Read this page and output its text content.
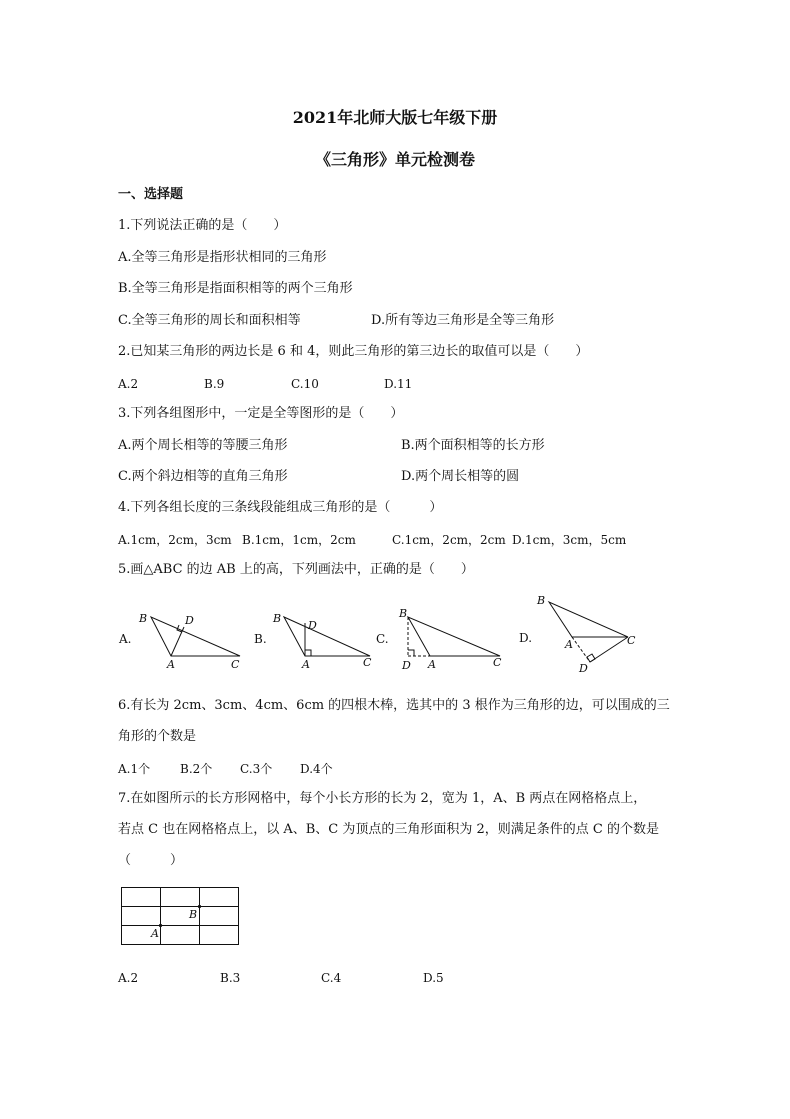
2021年北师大版七年级下册
《三角形》单元检测卷
一、选择题
1.下列说法正确的是（　　）
A.全等三角形是指形状相同的三角形
B.全等三角形是指面积相等的两个三角形
C.全等三角形的周长和面积相等	D.所有等边三角形是全等三角形
2.已知某三角形的两边长是 6 和 4，则此三角形的第三边长的取值可以是（　　）
A.2	B.9	C.10	D.11
3.下列各组图形中，一定是全等图形的是（　　）
A.两个周长相等的等腰三角形	B.两个面积相等的长方形
C.两个斜边相等的直角三角形	D.两个周长相等的圆
4.下列各组长度的三条线段能组成三角形的是（　　　）
A.1cm，2cm，3cm B.1cm，1cm，2cm	C.1cm，2cm，2cm D.1cm，3cm，5cm
5.画△ABC 的边 AB 上的高，下列画法中，正确的是（　　）
A.
B	D
A	C
B.
B
D
A	C
C.
B
D A	C
D.
B
A
D
C
6.有长为 2cm、3cm、4cm、6cm 的四根木棒，选其中的 3 根作为三角形的边，可以围成的三
角形的个数是
A.1个 B.2个 C.3个 D.4个
7.在如图所示的长方形网格中，每个小长方形的长为 2，宽为 1，A、B 两点在网格格点上，
若点 C 也在网格格点上，以 A、B、C 为顶点的三角形面积为 2，则满足条件的点 C 的个数是
（　　　）
A
B
A.2	B.3	C.4	D.5
